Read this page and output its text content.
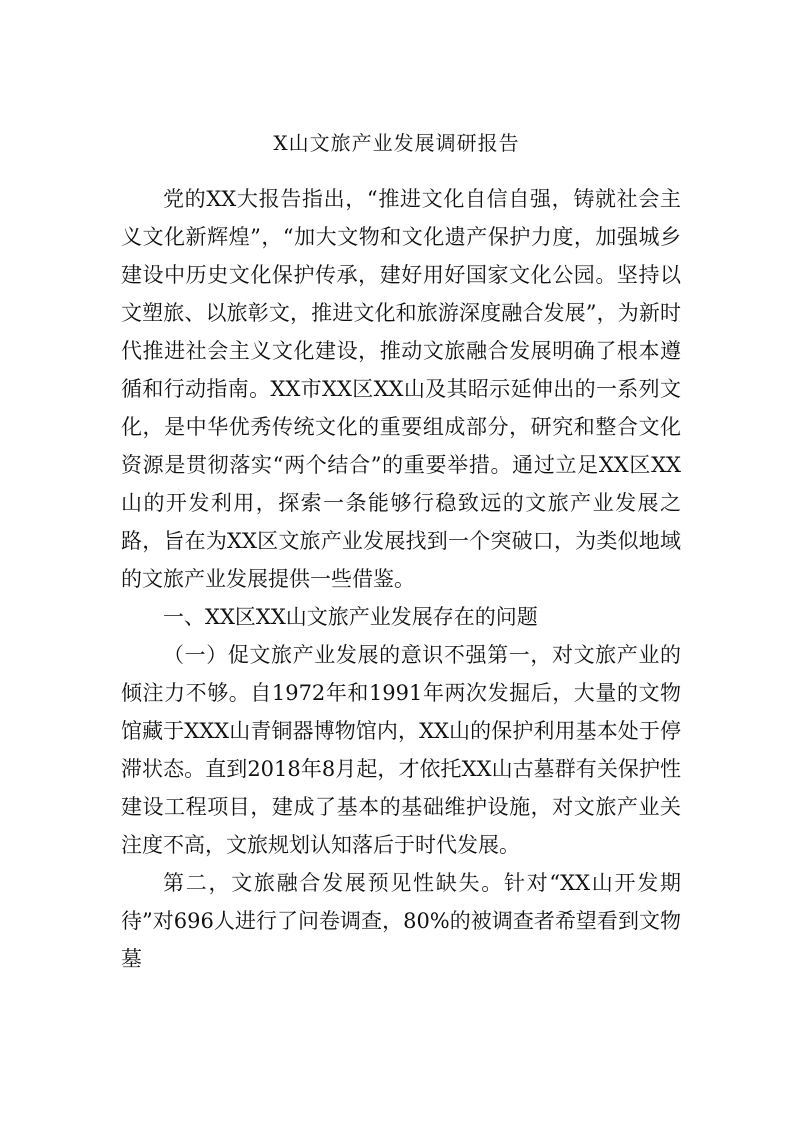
X山文旅产业发展调研报告

党的XX大报告指出，“推进文化自信自强，铸就社会主义文化新辉煌”，“加大文物和文化遗产保护力度，加强城乡建设中历史文化保护传承，建好用好国家文化公园。坚持以文塑旅、以旅彰文，推进文化和旅游深度融合发展”，为新时代推进社会主义文化建设，推动文旅融合发展明确了根本遵循和行动指南。XX市XX区XX山及其昭示延伸出的一系列文化，是中华优秀传统文化的重要组成部分，研究和整合文化资源是贯彻落实“两个结合”的重要举措。通过立足XX区XX山的开发利用，探索一条能够行稳致远的文旅产业发展之路，旨在为XX区文旅产业发展找到一个突破口，为类似地域的文旅产业发展提供一些借鉴。

一、XX区XX山文旅产业发展存在的问题

（一）促文旅产业发展的意识不强第一，对文旅产业的倾注力不够。自1972年和1991年两次发掘后，大量的文物馆藏于XXX山青铜器博物馆内，XX山的保护利用基本处于停滞状态。直到2018年8月起，才依托XX山古墓群有关保护性建设工程项目，建成了基本的基础维护设施，对文旅产业关注度不高，文旅规划认知落后于时代发展。

第二，文旅融合发展预见性缺失。针对“XX山开发期待”对696人进行了问卷调查，80%的被调查者希望看到文物墓
